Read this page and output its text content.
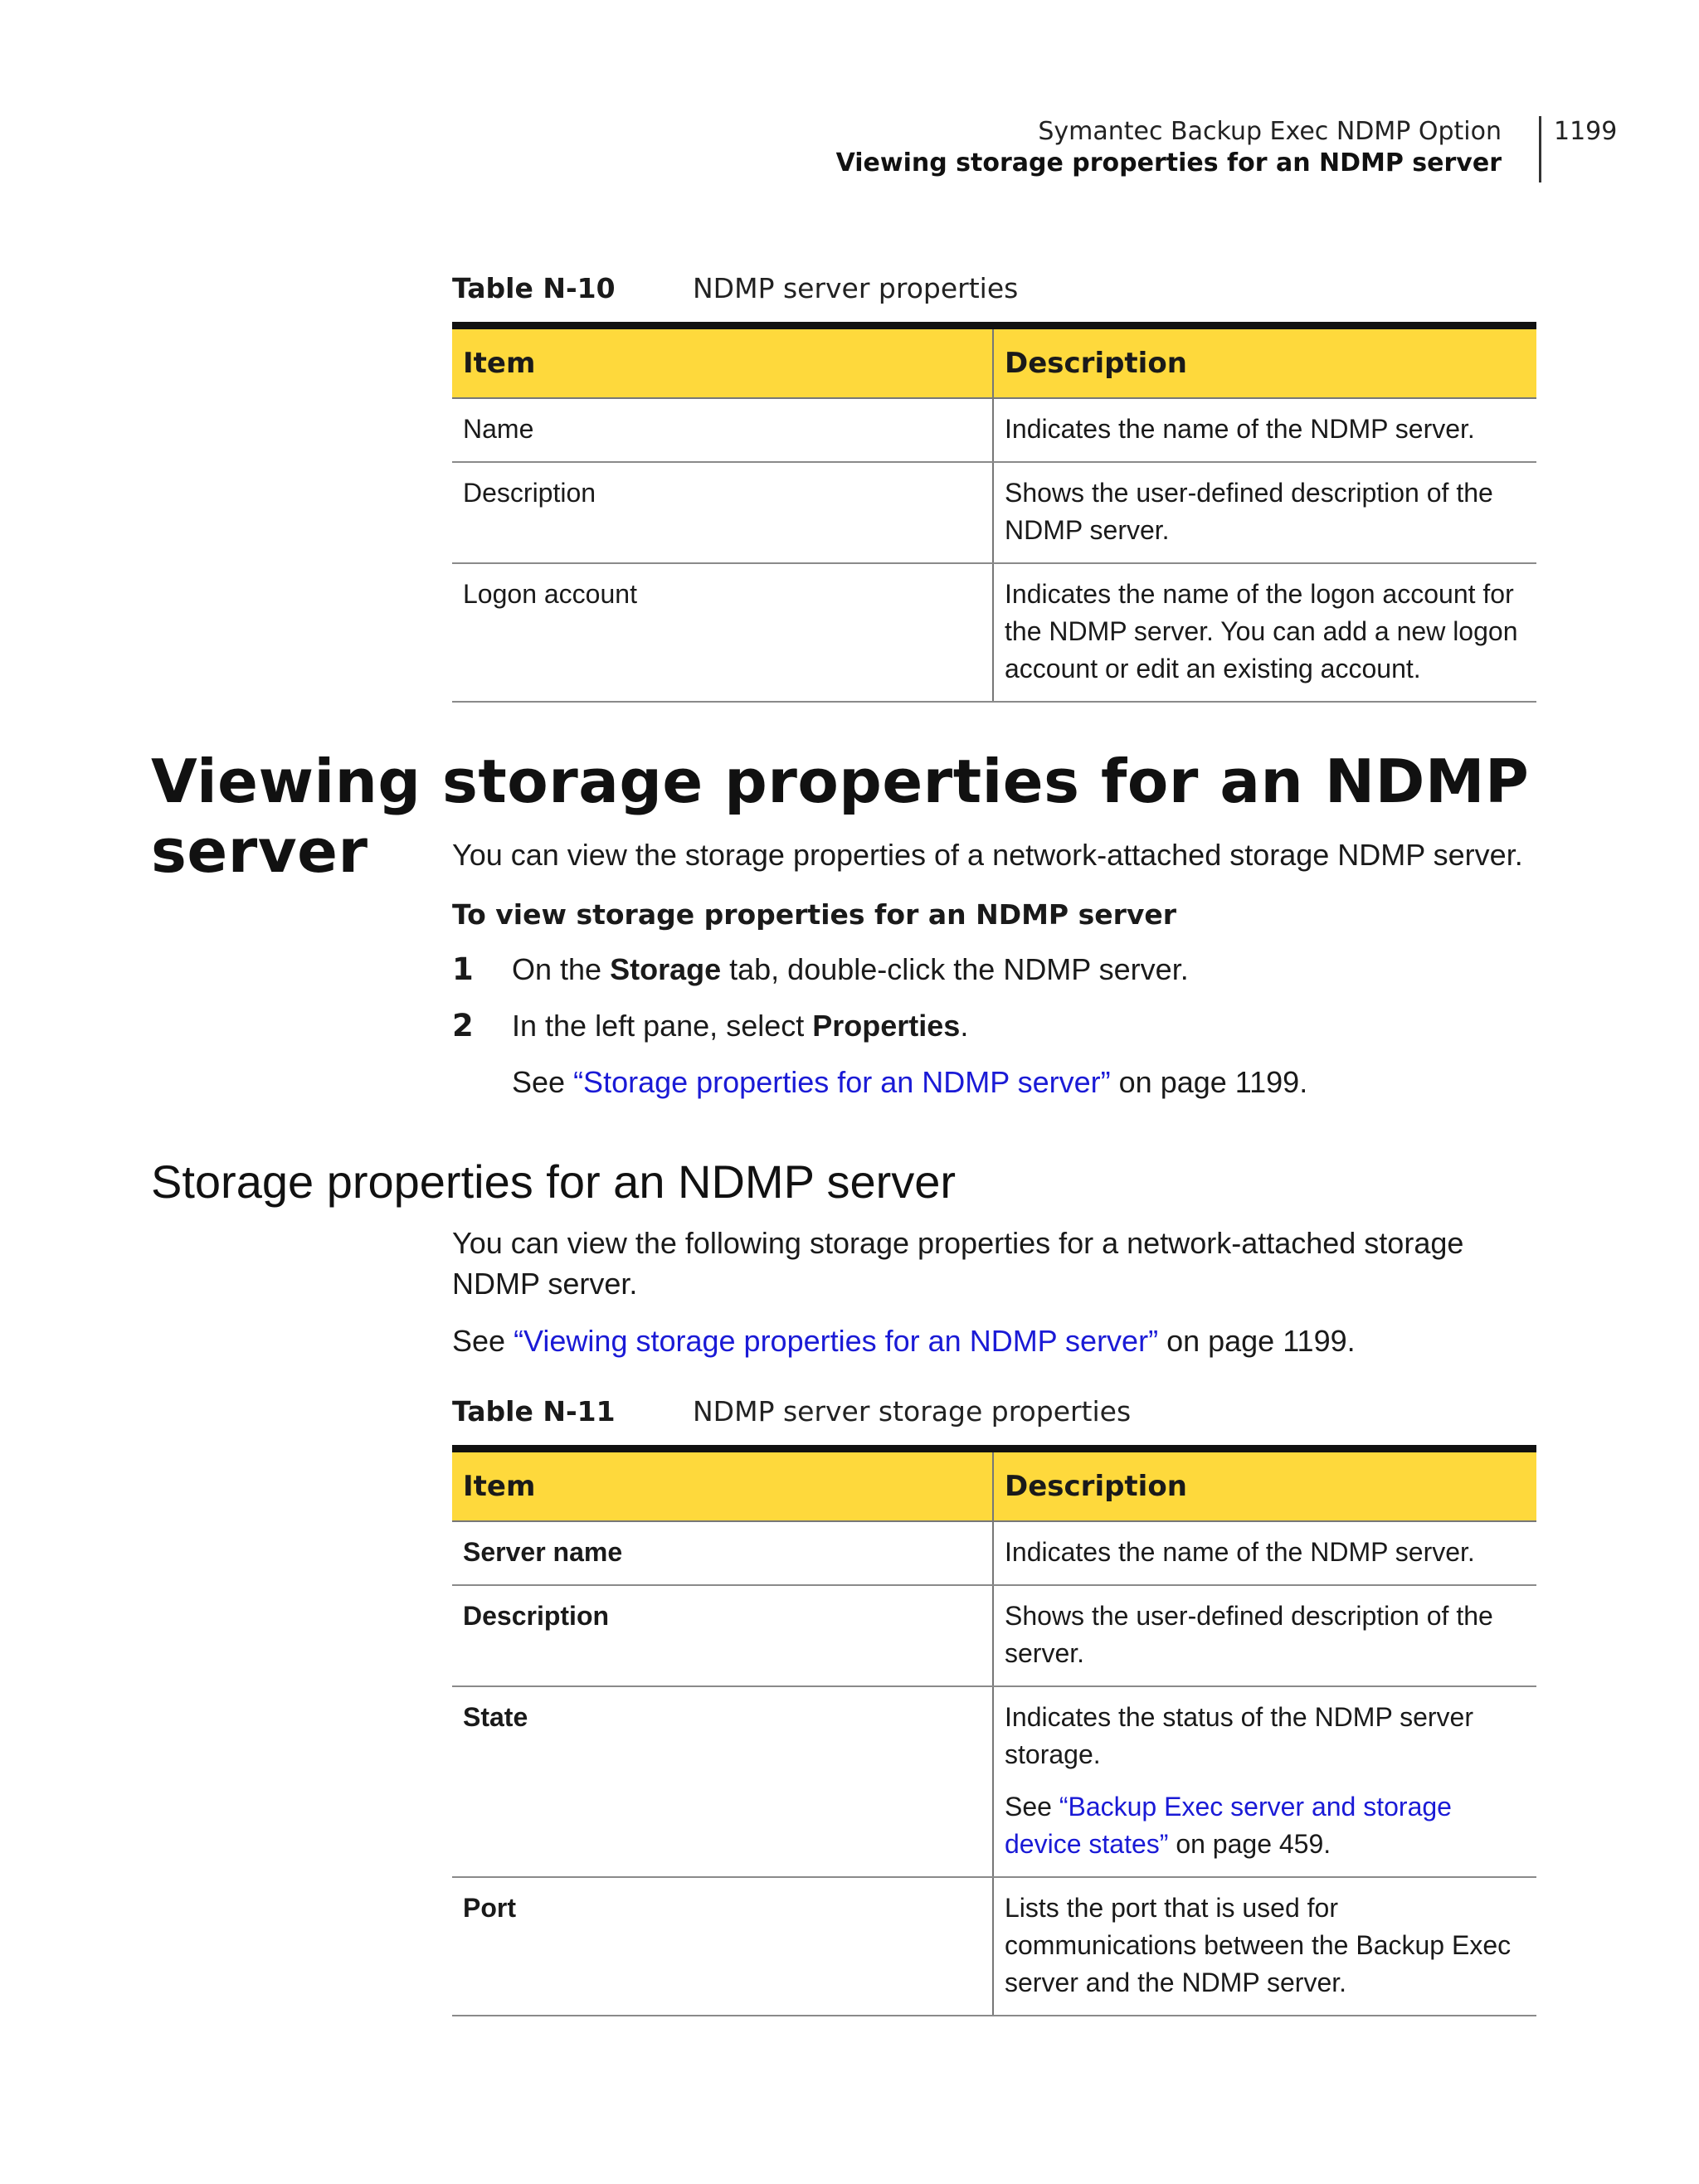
Symantec Backup Exec NDMP Option
Viewing storage properties for an NDMP server
1199
Table N-10	NDMP server properties
Item	Description
Name	Indicates the name of the NDMP server.
Description	Shows the user-defined description of the NDMP server.
Logon account	Indicates the name of the logon account for the NDMP server. You can add a new logon account or edit an existing account.
Viewing storage properties for an NDMP server	You can view the storage properties of a network-attached storage NDMP server.
To view storage properties for an NDMP server
1 On the Storage tab, double-click the NDMP server.
2 In the left pane, select Properties.
See “Storage properties for an NDMP server” on page 1199.
Storage properties for an NDMP server
You can view the following storage properties for a network-attached storage NDMP server.
See “Viewing storage properties for an NDMP server” on page 1199.
Table N-11	NDMP server storage properties
Item	Description
Server name	Indicates the name of the NDMP server.
Description	Shows the user-defined description of the server.
State	Indicates the status of the NDMP server storage.

See “Backup Exec server and storage device states” on page 459.

Port	Lists the port that is used for communications between the Backup Exec server and the NDMP server.
